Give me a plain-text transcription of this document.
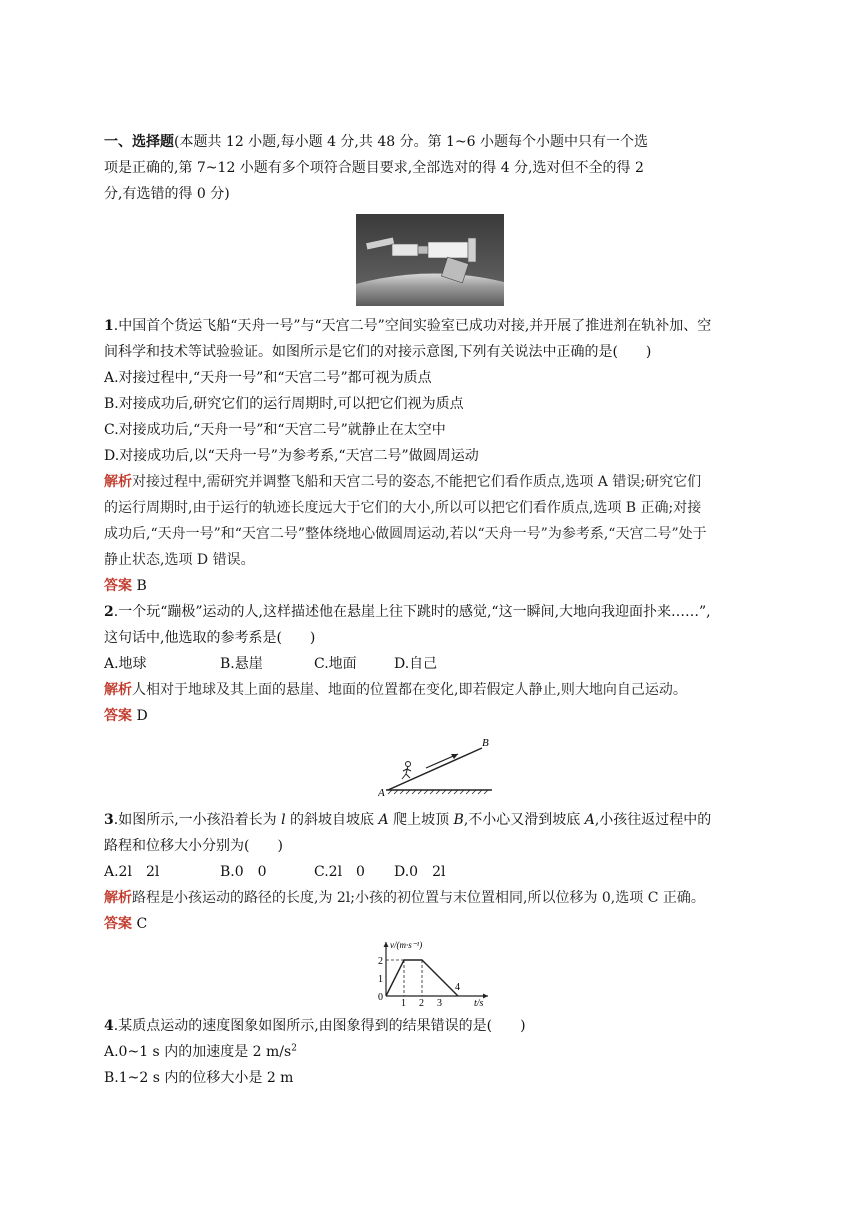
一、选择题(本题共 12 小题,每小题 4 分,共 48 分。第 1~6 小题每个小题中只有一个选
项是正确的,第 7~12 小题有多个项符合题目要求,全部选对的得 4 分,选对但不全的得 2
分,有选错的得 0 分)
1.中国首个货运飞船“天舟一号”与“天宫二号”空间实验室已成功对接,并开展了推进剂在轨补加、空
间科学和技术等试验验证。如图所示是它们的对接示意图,下列有关说法中正确的是(　　)
A.对接过程中,“天舟一号”和“天宫二号”都可视为质点
B.对接成功后,研究它们的运行周期时,可以把它们视为质点
C.对接成功后,“天舟一号”和“天宫二号”就静止在太空中
D.对接成功后,以“天舟一号”为参考系,“天宫二号”做圆周运动
解析对接过程中,需研究并调整飞船和天宫二号的姿态,不能把它们看作质点,选项 A 错误;研究它们
的运行周期时,由于运行的轨迹长度远大于它们的大小,所以可以把它们看作质点,选项 B 正确;对接
成功后,“天舟一号”和“天宫二号”整体绕地心做圆周运动,若以“天舟一号”为参考系,“天宫二号”处于
静止状态,选项 D 错误。
答案 B
2.一个玩“蹦极”运动的人,这样描述他在悬崖上往下跳时的感觉,“这一瞬间,大地向我迎面扑来……”,
这句话中,他选取的参考系是(　　)
A.地球	B.悬崖	C.地面	D.自己
解析人相对于地球及其上面的悬崖、地面的位置都在变化,即若假定人静止,则大地向自己运动。
答案 D
A
B
3.如图所示,一小孩沿着长为 l 的斜坡自坡底 A 爬上坡顶 B,不小心又滑到坡底 A,小孩往返过程中的
路程和位移大小分别为(　　)
A.2l　2l	B.0　0	C.2l　0 D.0　2l
解析路程是小孩运动的路径的长度,为 2l;小孩的初位置与末位置相同,所以位移为 0,选项 C 正确。
答案 C
v/(m·s⁻¹)
t/s
0
1
2
1 2 3
4
4.某质点运动的速度图象如图所示,由图象得到的结果错误的是(　　)
A.0~1 s 内的加速度是 2 $m/s^2$
B.1~2 s 内的位移大小是 2 m
